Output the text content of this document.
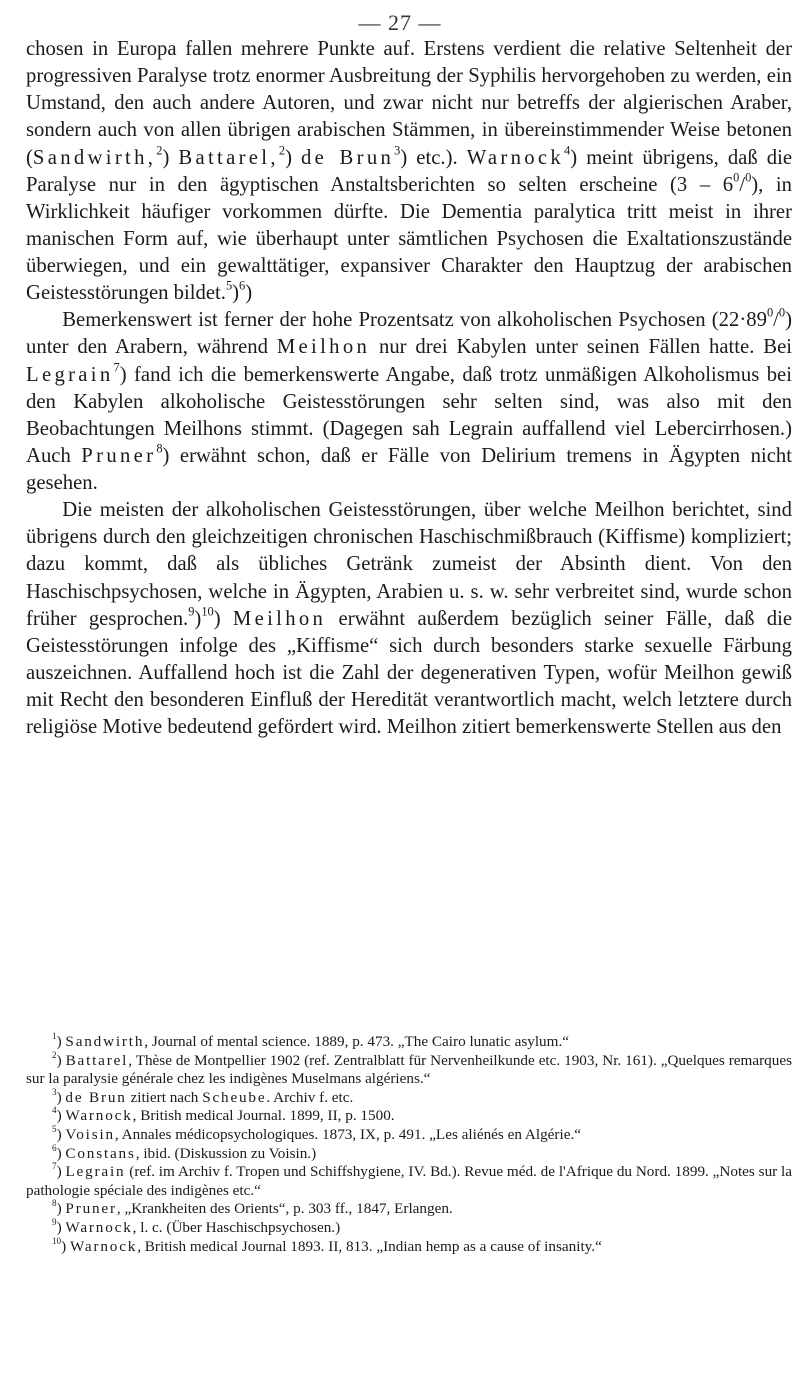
— 27 —

chosen in Europa fallen mehrere Punkte auf. Erstens verdient die relative Seltenheit der progressiven Paralyse trotz enormer Ausbreitung der Syphilis hervorgehoben zu werden, ein Umstand, den auch andere Autoren, und zwar nicht nur betreffs der algierischen Araber, sondern auch von allen übrigen arabischen Stämmen, in übereinstimmender Weise betonen (Sandwirth,$^2$) Battarel,$^2$) de Brun$^3$) etc.). Warnock$^4$) meint übrigens, daß die Paralyse nur in den ägyptischen Anstaltsberichten so selten erscheine $(3 - 6^0/^0)$, in Wirklichkeit häufiger vorkommen dürfte. Die Dementia paralytica tritt meist in ihrer manischen Form auf, wie überhaupt unter sämtlichen Psychosen die Exaltationszustände überwiegen, und ein gewalttätiger, expansiver Charakter den Hauptzug der arabischen Geistesstörungen bildet.$^5$)$^6$)

Bemerkenswert ist ferner der hohe Prozentsatz von alkoholischen Psychosen $(22\cdot 89^0/^0)$ unter den Arabern, während Meilhon nur drei Kabylen unter seinen Fällen hatte. Bei Legrain$^7$) fand ich die bemerkenswerte Angabe, daß trotz unmäßigen Alkoholismus bei den Kabylen alkoholische Geistesstörungen sehr selten sind, was also mit den Beobachtungen Meilhons stimmt. (Dagegen sah Legrain auffallend viel Lebercirrhosen.) Auch Pruner$^8$) erwähnt schon, daß er Fälle von Delirium tremens in Ägypten nicht gesehen.

Die meisten der alkoholischen Geistesstörungen, über welche Meilhon berichtet, sind übrigens durch den gleichzeitigen chronischen Haschischmißbrauch (Kiffisme) kompliziert; dazu kommt, daß als übliches Getränk zumeist der Absinth dient. Von den Haschischpsychosen, welche in Ägypten, Arabien u. s. w. sehr verbreitet sind, wurde schon früher gesprochen.$^9$)$^{10}$) Meilhon erwähnt außerdem bezüglich seiner Fälle, daß die Geistesstörungen infolge des „Kiffisme“ sich durch besonders starke sexuelle Färbung auszeichnen. Auffallend hoch ist die Zahl der degenerativen Typen, wofür Meilhon gewiß mit Recht den besonderen Einfluß der Heredität verantwortlich macht, welch letztere durch religiöse Motive bedeutend gefördert wird. Meilhon zitiert bemerkenswerte Stellen aus den

$^1$) Sandwirth, Journal of mental science. 1889, p. 473. „The Cairo lunatic asylum.“

$^2$) Battarel, Thèse de Montpellier 1902 (ref. Zentralblatt für Nervenheilkunde etc. 1903, Nr. 161). „Quelques remarques sur la paralysie générale chez les indigènes Muselmans algériens.“

$^3$) de Brun zitiert nach Scheube. Archiv f. etc.

$^4$) Warnock, British medical Journal. 1899, II, p. 1500.

$^5$) Voisin, Annales médicopsychologiques. 1873, IX, p. 491. „Les aliénés en Algérie.“

$^6$) Constans, ibid. (Diskussion zu Voisin.)

$^7$) Legrain (ref. im Archiv f. Tropen und Schiffshygiene, IV. Bd.). Revue méd. de l'Afrique du Nord. 1899. „Notes sur la pathologie spéciale des indigènes etc.“

$^8$) Pruner, „Krankheiten des Orients“, p. 303 ff., 1847, Erlangen.

$^9$) Warnock, l. c. (Über Haschischpsychosen.)

$^{10}$) Warnock, British medical Journal 1893. II, 813. „Indian hemp as a cause of insanity.“
